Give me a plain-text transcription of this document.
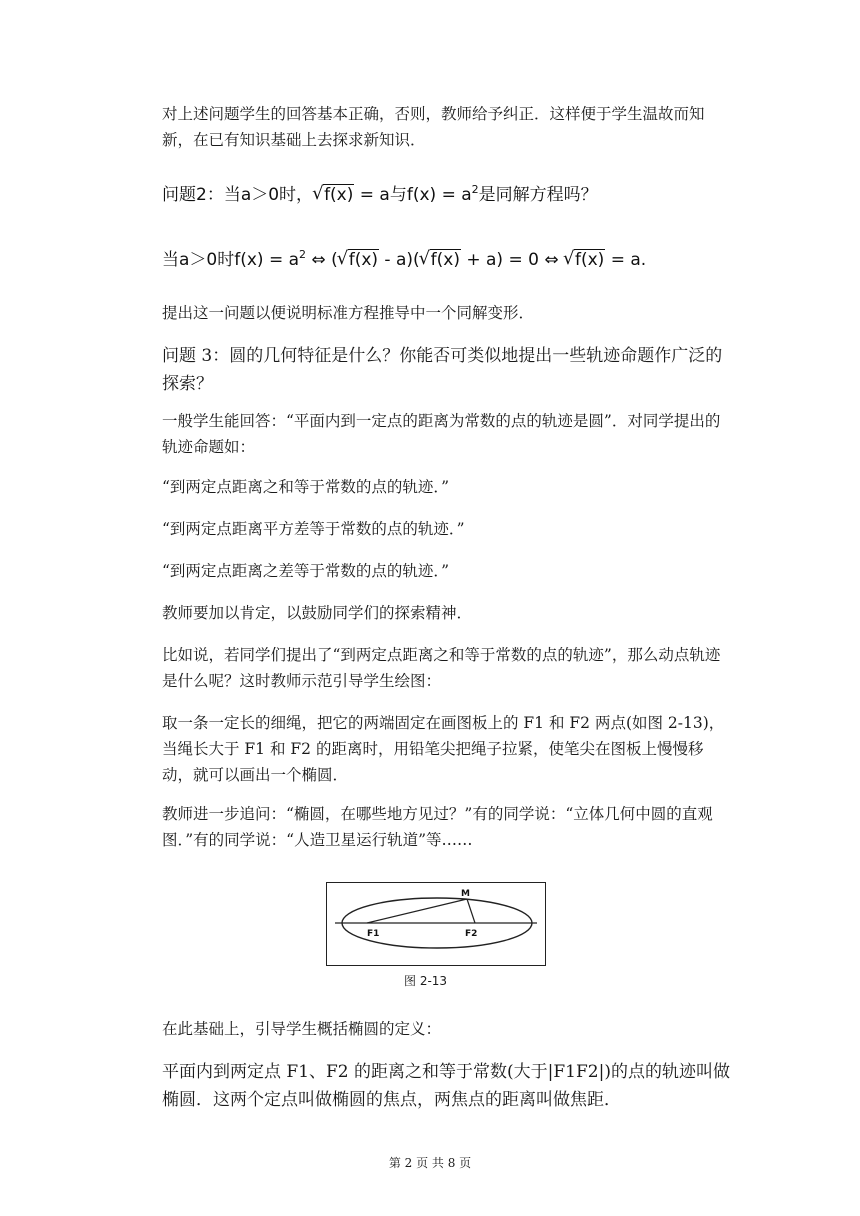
对上述问题学生的回答基本正确，否则，教师给予纠正．这样便于学生温故而知新，在已有知识基础上去探求新知识．

问题2：当a＞0时， √ f(x) = a与$f(x) = a^2$是同解方程吗？
当a＞0时$f(x) = a^2$ ⇔ ( √ f(x) - a)( √ f(x) + a) = 0 ⇔ √ f(x) = a.

提出这一问题以便说明标准方程推导中一个同解变形．

问题 3：圆的几何特征是什么？你能否可类似地提出一些轨迹命题作广泛的探索？

一般学生能回答：“平面内到一定点的距离为常数的点的轨迹是圆”．对同学提出的轨迹命题如：

“到两定点距离之和等于常数的点的轨迹．”

“到两定点距离平方差等于常数的点的轨迹．”

“到两定点距离之差等于常数的点的轨迹．”

教师要加以肯定，以鼓励同学们的探索精神．

比如说，若同学们提出了“到两定点距离之和等于常数的点的轨迹”，那么动点轨迹是什么呢？这时教师示范引导学生绘图：

取一条一定长的细绳，把它的两端固定在画图板上的 F1 和 F2 两点(如图 2-13)，当绳长大于 F1 和 F2 的距离时，用铅笔尖把绳子拉紧，使笔尖在图板上慢慢移动，就可以画出一个椭圆．

教师进一步追问：“椭圆，在哪些地方见过？”有的同学说：“立体几何中圆的直观图．”有的同学说：“人造卫星运行轨道”等……

M
F1	F2
图 2-13

在此基础上，引导学生概括椭圆的定义：

平面内到两定点 F1、F2 的距离之和等于常数(大于|F1F2|)的点的轨迹叫做椭圆．这两个定点叫做椭圆的焦点，两焦点的距离叫做焦距．

第 2 页 共 8 页
